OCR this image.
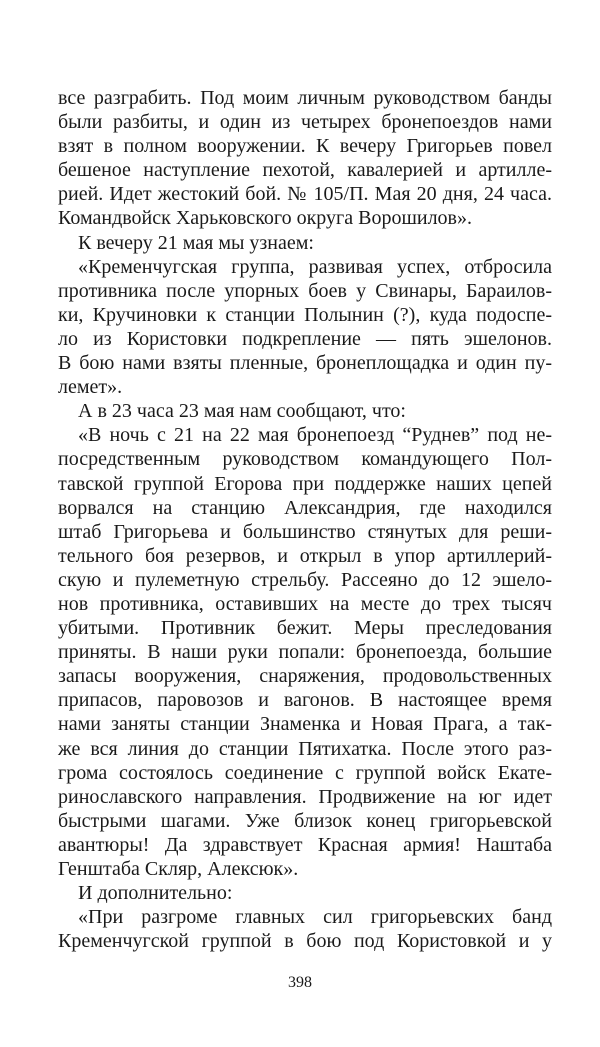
все разграбить. Под моим личным руководством банды
были разбиты, и один из четырех бронепоездов нами
взят в полном вооружении. К вечеру Григорьев повел
бешеное наступление пехотой, кавалерией и артилле-
рией. Идет жестокий бой. № 105/П. Мая 20 дня, 24 часа.
Командвойск Харьковского округа Ворошилов».
К вечеру 21 мая мы узнаем:
«Кременчугская группа, развивая успех, отбросила
противника после упорных боев у Свинары, Бараилов-
ки, Кручиновки к станции Полынин (?), куда подоспе-
ло из Користовки подкрепление — пять эшелонов.
В бою нами взяты пленные, бронеплощадка и один пу-
лемет».
А в 23 часа 23 мая нам сообщают, что:
«В ночь с 21 на 22 мая бронепоезд “Руднев” под не-
посредственным руководством командующего Пол-
тавской группой Егорова при поддержке наших цепей
ворвался на станцию Александрия, где находился
штаб Григорьева и большинство стянутых для реши-
тельного боя резервов, и открыл в упор артиллерий-
скую и пулеметную стрельбу. Рассеяно до 12 эшело-
нов противника, оставивших на месте до трех тысяч
убитыми. Противник бежит. Меры преследования
приняты. В наши руки попали: бронепоезда, большие
запасы вооружения, снаряжения, продовольственных
припасов, паровозов и вагонов. В настоящее время
нами заняты станции Знаменка и Новая Прага, а так-
же вся линия до станции Пятихатка. После этого раз-
грома состоялось соединение с группой войск Екате-
ринославского направления. Продвижение на юг идет
быстрыми шагами. Уже близок конец григорьевской
авантюры! Да здравствует Красная армия! Наштаба
Генштаба Скляр, Алексюк».
И дополнительно:
«При разгроме главных сил григорьевских банд
Кременчугской группой в бою под Користовкой и у
398
